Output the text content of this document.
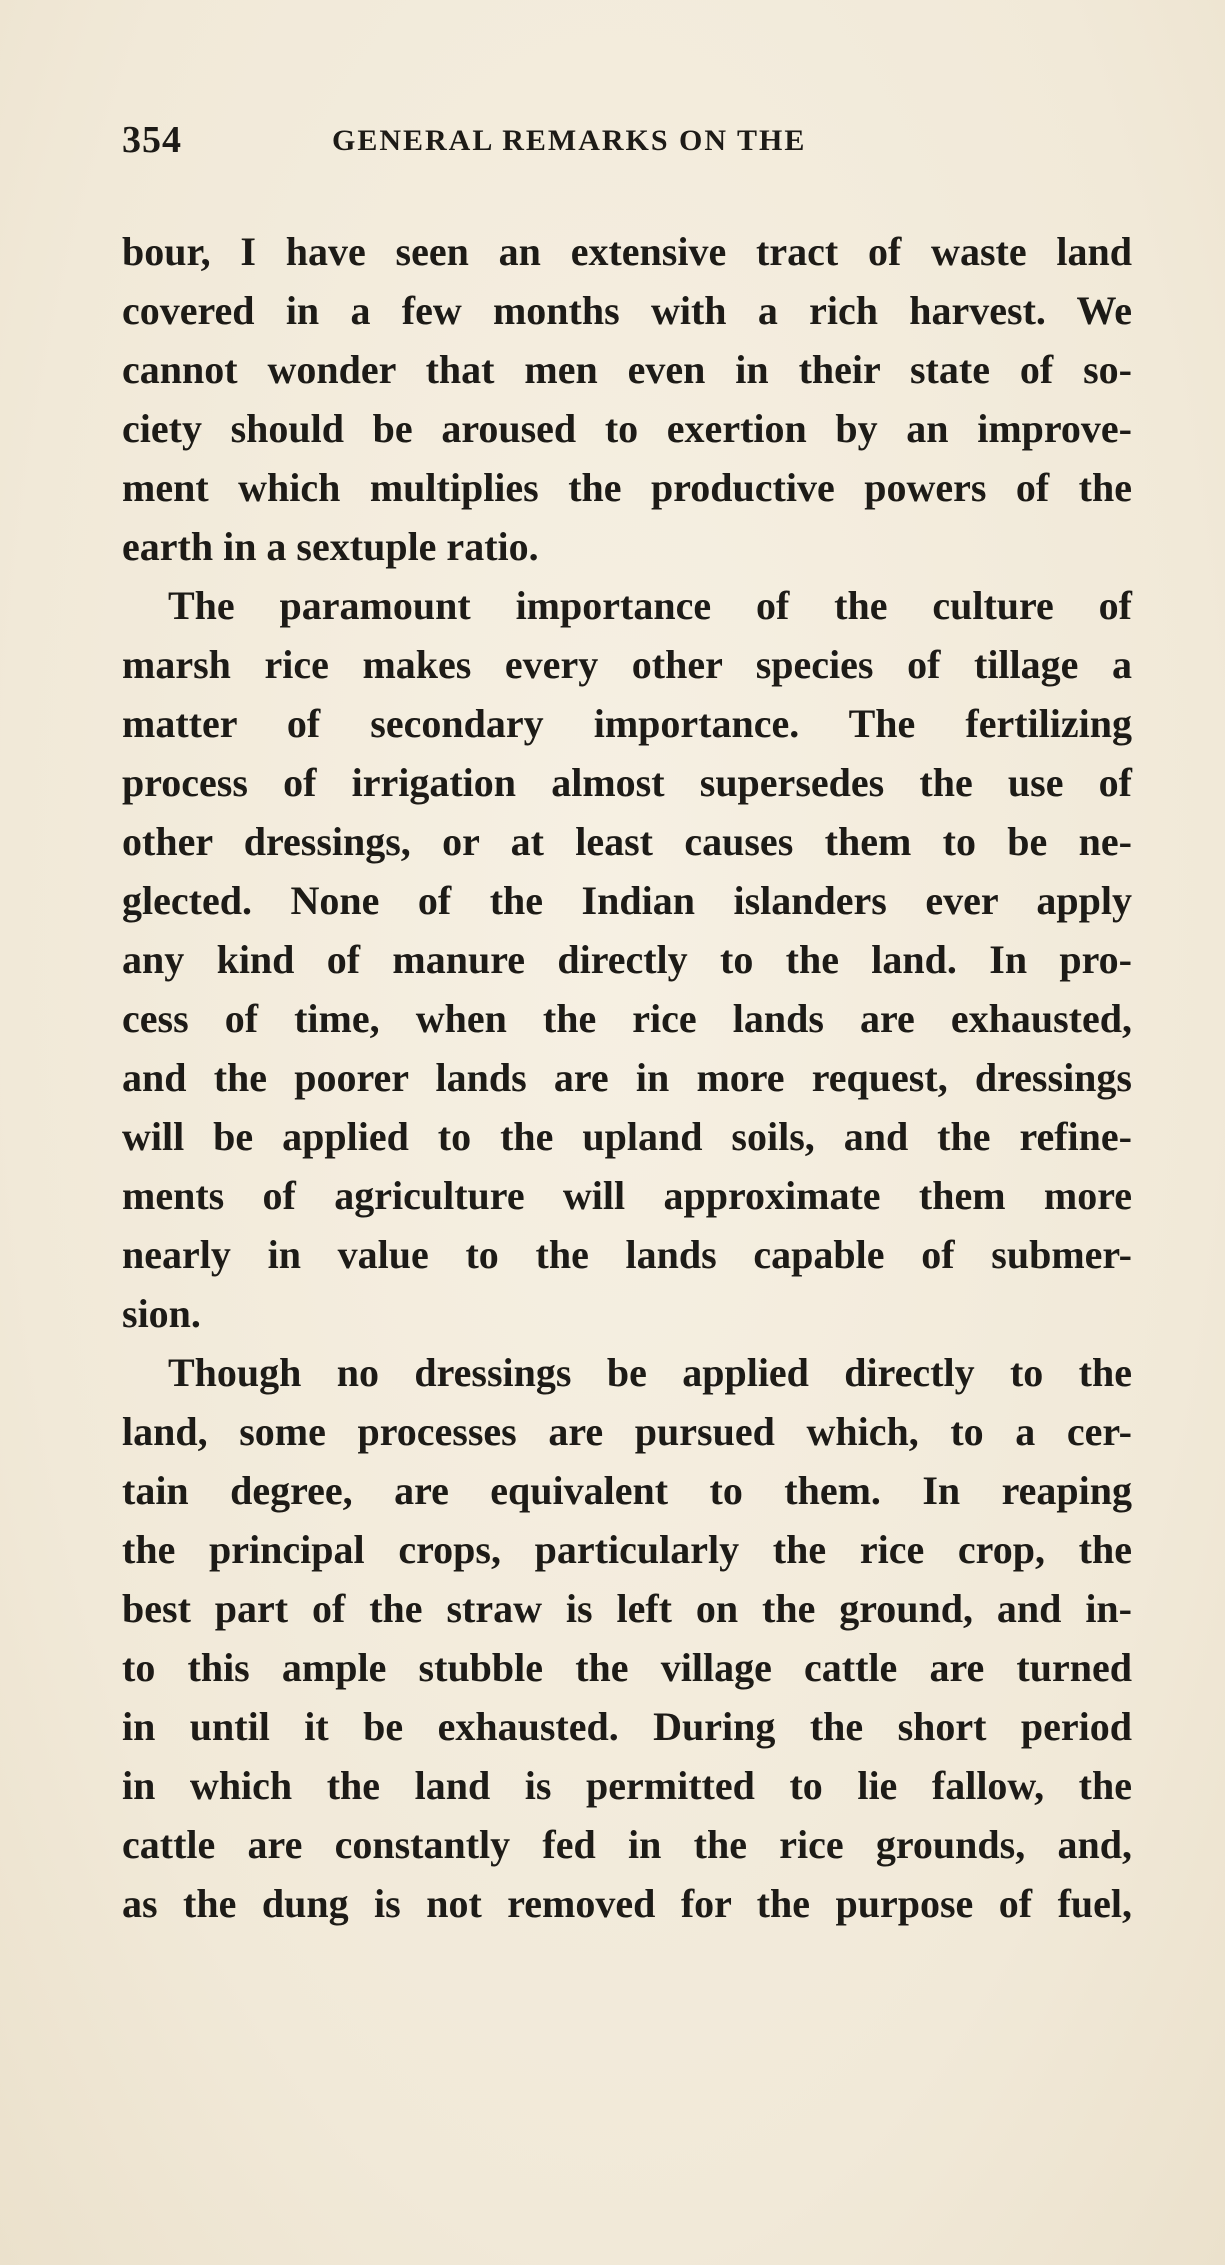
354	GENERAL REMARKS ON THE
bour, I have seen an extensive tract of waste land
covered in a few months with a rich harvest. We
cannot wonder that men even in their state of so-
ciety should be aroused to exertion by an improve-
ment which multiplies the productive powers of the
earth in a sextuple ratio.
The paramount importance of the culture of
marsh rice makes every other species of tillage a
matter of secondary importance. The fertilizing
process of irrigation almost supersedes the use of
other dressings, or at least causes them to be ne-
glected. None of the Indian islanders ever apply
any kind of manure directly to the land. In pro-
cess of time, when the rice lands are exhausted,
and the poorer lands are in more request, dressings
will be applied to the upland soils, and the refine-
ments of agriculture will approximate them more
nearly in value to the lands capable of submer-
sion.
Though no dressings be applied directly to the
land, some processes are pursued which, to a cer-
tain degree, are equivalent to them. In reaping
the principal crops, particularly the rice crop, the
best part of the straw is left on the ground, and in-
to this ample stubble the village cattle are turned
in until it be exhausted. During the short period
in which the land is permitted to lie fallow, the
cattle are constantly fed in the rice grounds, and,
as the dung is not removed for the purpose of fuel,
